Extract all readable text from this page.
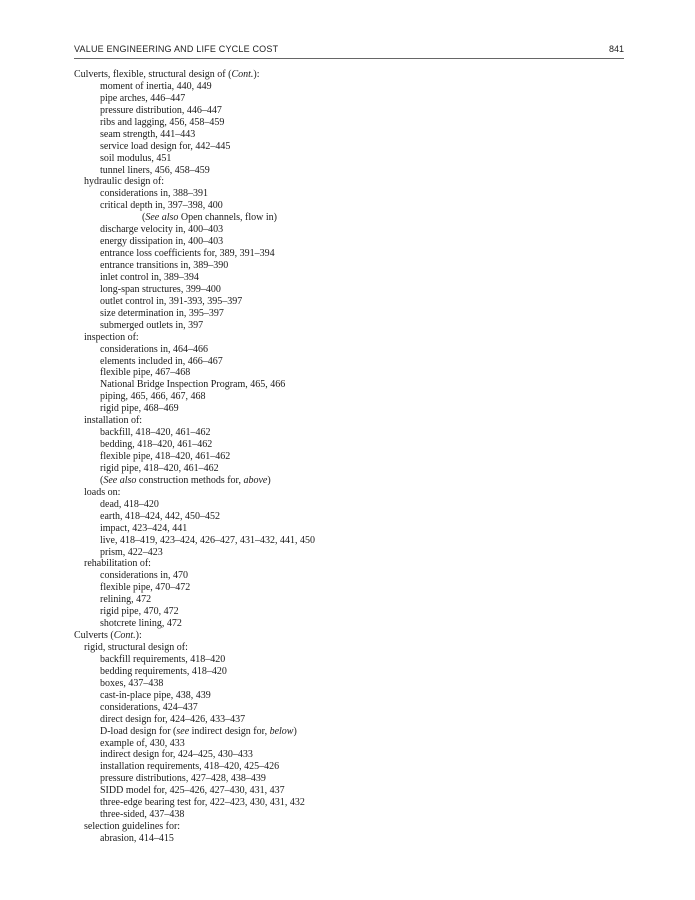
VALUE ENGINEERING AND LIFE CYCLE COST	841
Culverts, flexible, structural design of (Cont.):
moment of inertia, 440, 449
pipe arches, 446–447
pressure distribution, 446–447
ribs and lagging, 456, 458–459
seam strength, 441–443
service load design for, 442–445
soil modulus, 451
tunnel liners, 456, 458–459
hydraulic design of:
considerations in, 388–391
critical depth in, 397–398, 400
(See also Open channels, flow in)
discharge velocity in, 400–403
energy dissipation in, 400–403
entrance loss coefficients for, 389, 391–394
entrance transitions in, 389–390
inlet control in, 389–394
long-span structures, 399–400
outlet control in, 391-393, 395–397
size determination in, 395–397
submerged outlets in, 397
inspection of:
considerations in, 464–466
elements included in, 466–467
flexible pipe, 467–468
National Bridge Inspection Program, 465, 466
piping, 465, 466, 467, 468
rigid pipe, 468–469
installation of:
backfill, 418–420, 461–462
bedding, 418–420, 461–462
flexible pipe, 418–420, 461–462
rigid pipe, 418–420, 461–462
(See also construction methods for, above)
loads on:
dead, 418–420
earth, 418–424, 442, 450–452
impact, 423–424, 441
live, 418–419, 423–424, 426–427, 431–432, 441, 450
prism, 422–423
rehabilitation of:
considerations in, 470
flexible pipe, 470–472
relining, 472
rigid pipe, 470, 472
shotcrete lining, 472
Culverts (Cont.):
rigid, structural design of:
backfill requirements, 418–420
bedding requirements, 418–420
boxes, 437–438
cast-in-place pipe, 438, 439
considerations, 424–437
direct design for, 424–426, 433–437
D-load design for (see indirect design for, below)
example of, 430, 433
indirect design for, 424–425, 430–433
installation requirements, 418–420, 425–426
pressure distributions, 427–428, 438–439
SIDD model for, 425–426, 427–430, 431, 437
three-edge bearing test for, 422–423, 430, 431, 432
three-sided, 437–438
selection guidelines for:
abrasion, 414–415
